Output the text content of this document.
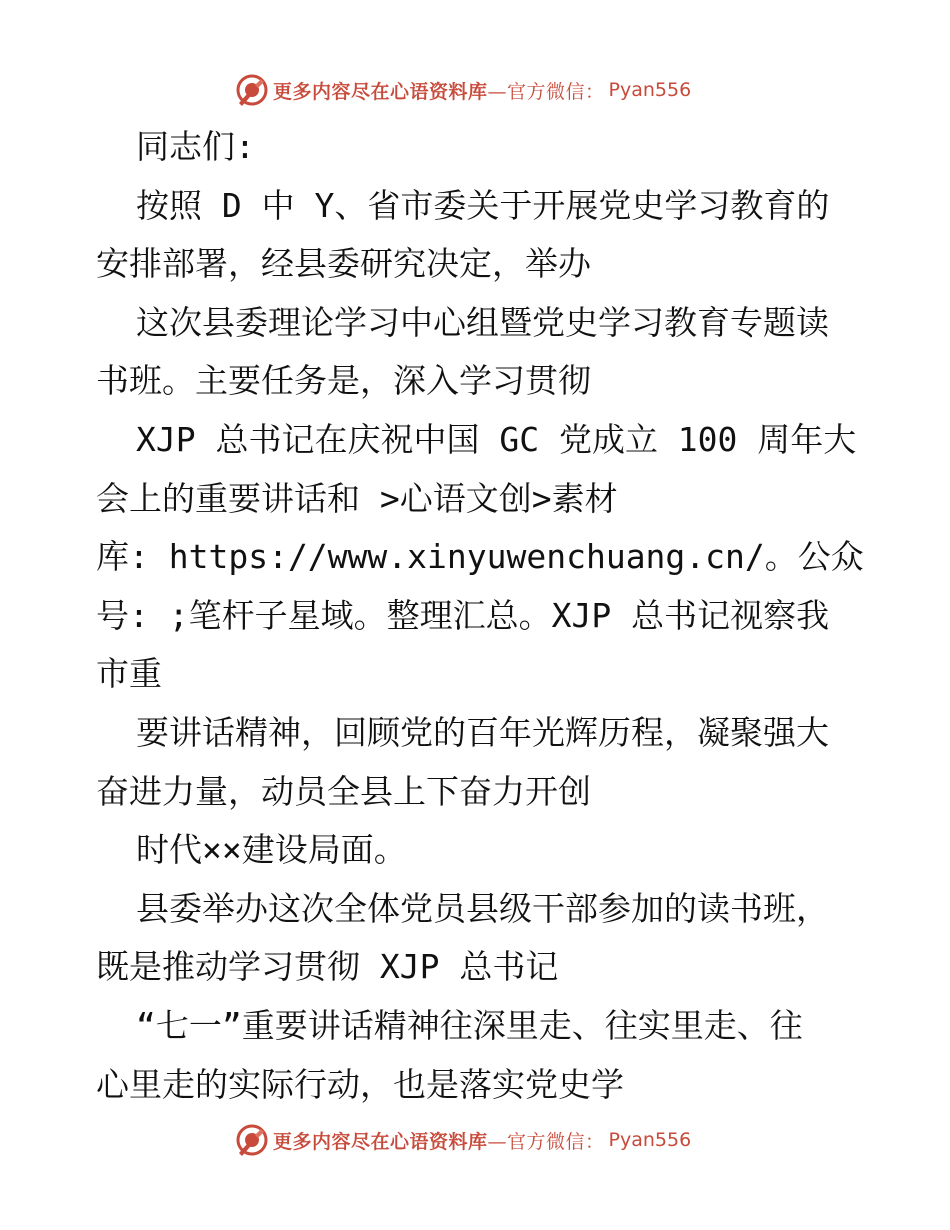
更多内容尽在心语资料库—官方微信： Pyan556
同志们:
按照 D 中 Y、省市委关于开展党史学习教育的
安排部署，经县委研究决定，举办
这次县委理论学习中心组暨党史学习教育专题读
书班。主要任务是，深入学习贯彻
XJP 总书记在庆祝中国 GC 党成立 100 周年大
会上的重要讲话和 >心语文创>素材
库: https://www.xinyuwenchuang.cn/。公众
号: ;笔杆子星域。整理汇总。XJP 总书记视察我
市重
要讲话精神，回顾党的百年光辉历程，凝聚强大
奋进力量，动员全县上下奋力开创
时代××建设局面。
县委举办这次全体党员县级干部参加的读书班，
既是推动学习贯彻 XJP 总书记
“七一”重要讲话精神往深里走、往实里走、往
心里走的实际行动，也是落实党史学
更多内容尽在心语资料库—官方微信： Pyan556
